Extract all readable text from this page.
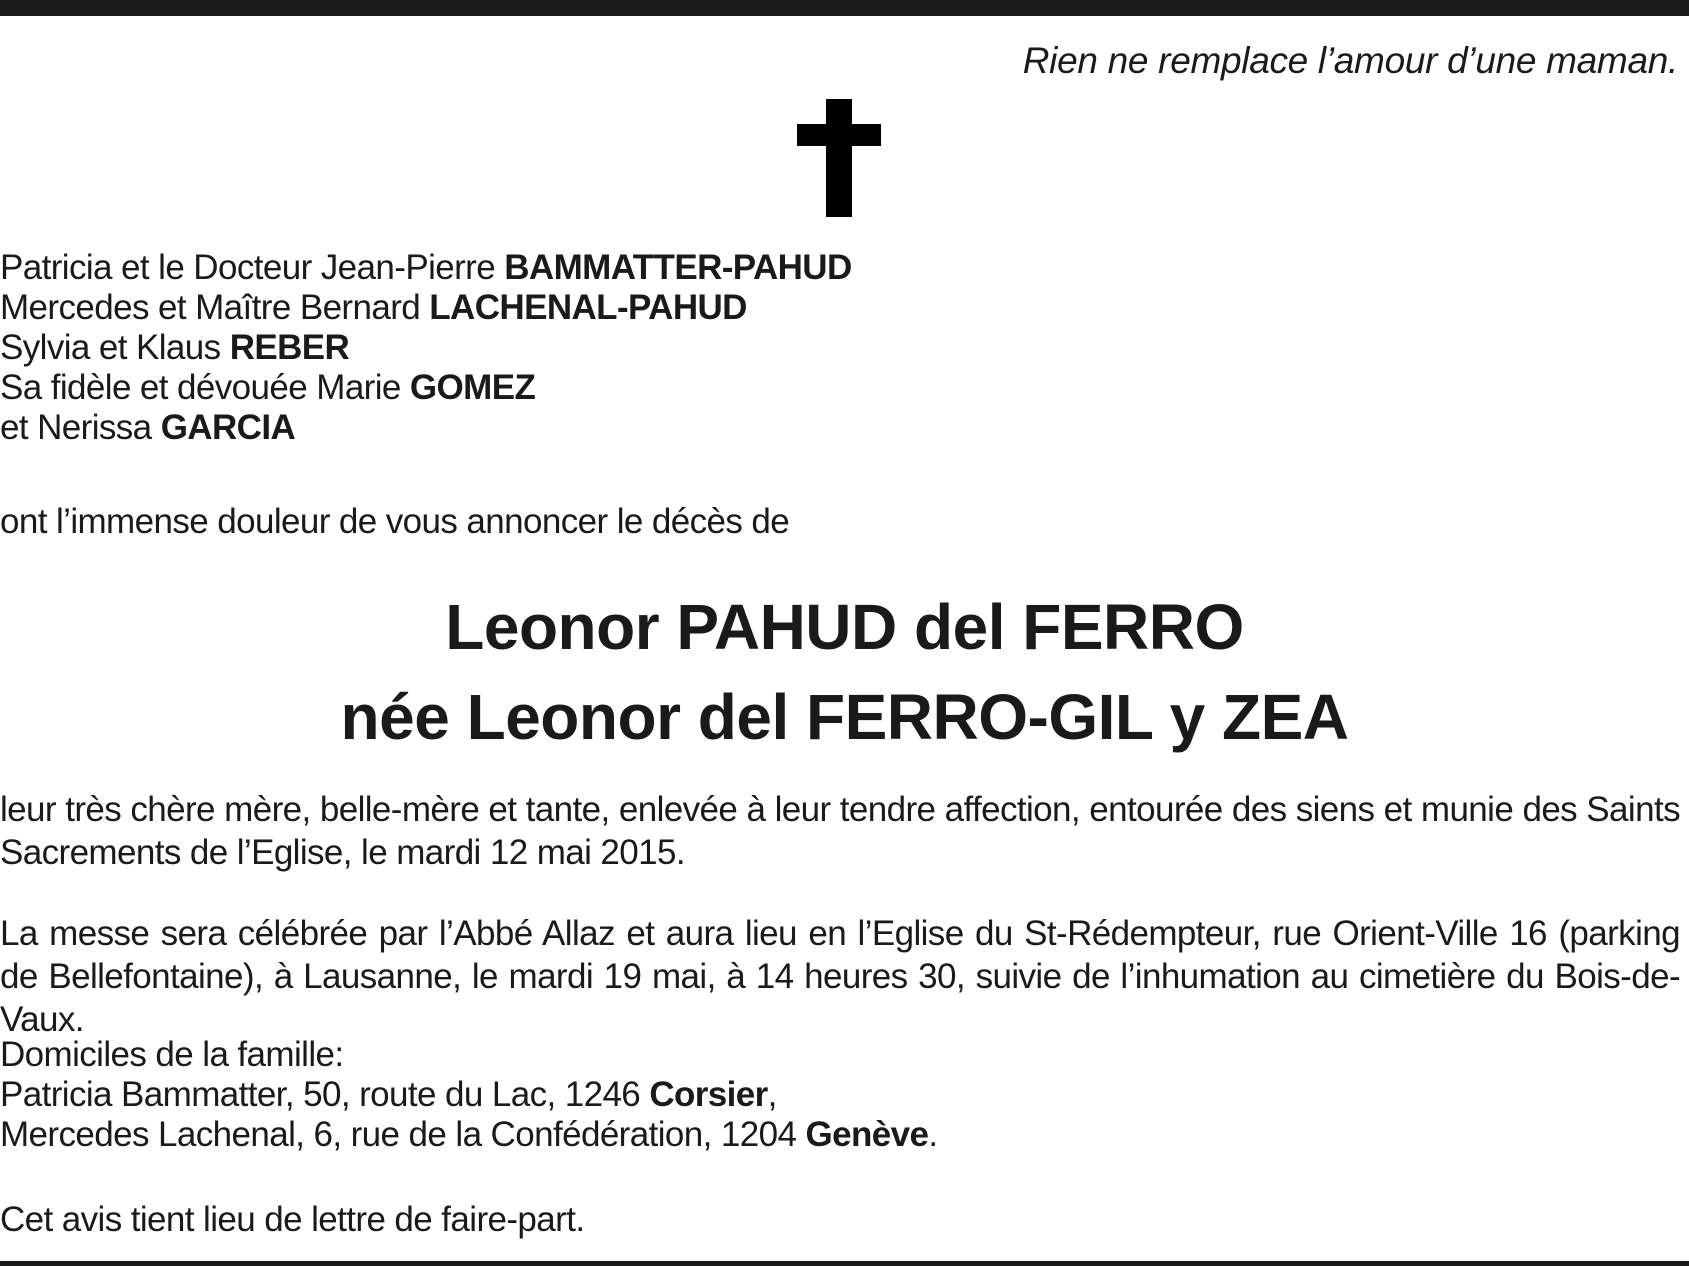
Rien ne remplace l’amour d’une maman.
Patricia et le Docteur Jean-Pierre BAMMATTER-PAHUD
Mercedes et Maître Bernard LACHENAL-PAHUD
Sylvia et Klaus REBER
Sa fidèle et dévouée Marie GOMEZ
et Nerissa GARCIA
ont l’immense douleur de vous annoncer le décès de
Leonor PAHUD del FERRO
née Leonor del FERRO-GIL y ZEA
leur très chère mère, belle-mère et tante, enlevée à leur tendre affection, entourée des siens et munie des Saints Sacrements de l’Eglise, le mardi 12 mai 2015.
La messe sera célébrée par l’Abbé Allaz et aura lieu en l’Eglise du St-Rédempteur, rue Orient-Ville 16 (parking de Bellefontaine), à Lausanne, le mardi 19 mai, à 14 heures 30, suivie de l’inhumation au cimetière du Bois-de-Vaux.
Domiciles de la famille:
Patricia Bammatter, 50, route du Lac, 1246 Corsier,
Mercedes Lachenal, 6, rue de la Confédération, 1204 Genève.
Cet avis tient lieu de lettre de faire-part.
